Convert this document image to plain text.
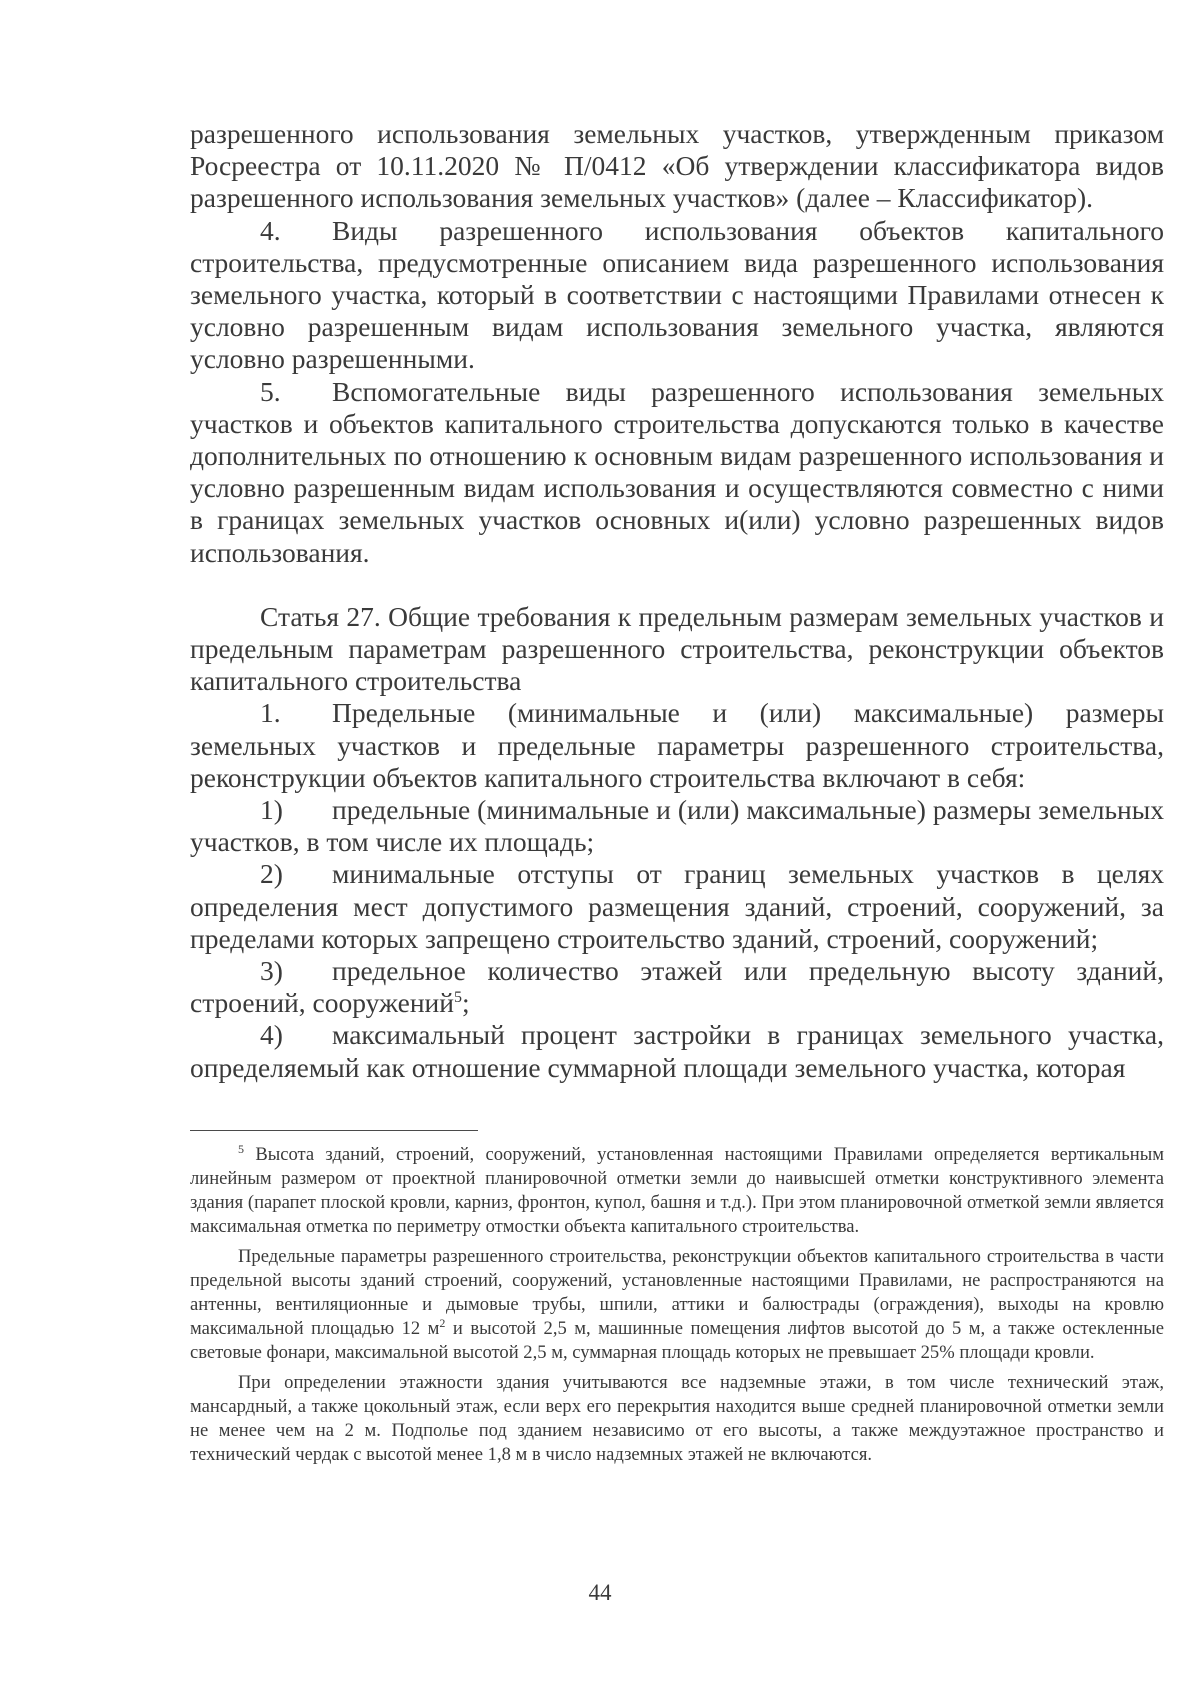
разрешенного использования земельных участков, утвержденным приказом Росреестра от 10.11.2020 № П/0412 «Об утверждении классификатора видов разрешенного использования земельных участков» (далее – Классификатор).

4. Виды разрешенного использования объектов капитального строительства, предусмотренные описанием вида разрешенного использования земельного участка, который в соответствии с настоящими Правилами отнесен к условно разрешенным видам использования земельного участка, являются условно разрешенными.

5. Вспомогательные виды разрешенного использования земельных участков и объектов капитального строительства допускаются только в качестве дополнительных по отношению к основным видам разрешенного использования и условно разрешенным видам использования и осуществляются совместно с ними в границах земельных участков основных и(или) условно разрешенных видов использования.

Статья 27. Общие требования к предельным размерам земельных участков и предельным параметрам разрешенного строительства, реконструкции объектов капитального строительства

1. Предельные (минимальные и (или) максимальные) размеры земельных участков и предельные параметры разрешенного строительства, реконструкции объектов капитального строительства включают в себя:

1) предельные (минимальные и (или) максимальные) размеры земельных участков, в том числе их площадь;

2) минимальные отступы от границ земельных участков в целях определения мест допустимого размещения зданий, строений, сооружений, за пределами которых запрещено строительство зданий, строений, сооружений;

3) предельное количество этажей или предельную высоту зданий, строений, сооружений$^5$;

4) максимальный процент застройки в границах земельного участка, определяемый как отношение суммарной площади земельного участка, которая

$^5$ Высота зданий, строений, сооружений, установленная настоящими Правилами определяется вертикальным линейным размером от проектной планировочной отметки земли до наивысшей отметки конструктивного элемента здания (парапет плоской кровли, карниз, фронтон, купол, башня и т.д.). При этом планировочной отметкой земли является максимальная отметка по периметру отмостки объекта капитального строительства.

Предельные параметры разрешенного строительства, реконструкции объектов капитального строительства в части предельной высоты зданий строений, сооружений, установленные настоящими Правилами, не распространяются на антенны, вентиляционные и дымовые трубы, шпили, аттики и балюстрады (ограждения), выходы на кровлю максимальной площадью 12 $м^2$ и высотой 2,5 м, машинные помещения лифтов высотой до 5 м, а также остекленные световые фонари, максимальной высотой 2,5 м, суммарная площадь которых не превышает 25% площади кровли.

При определении этажности здания учитываются все надземные этажи, в том числе технический этаж, мансардный, а также цокольный этаж, если верх его перекрытия находится выше средней планировочной отметки земли не менее чем на 2 м. Подполье под зданием независимо от его высоты, а также междуэтажное пространство и технический чердак с высотой менее 1,8 м в число надземных этажей не включаются.

44
